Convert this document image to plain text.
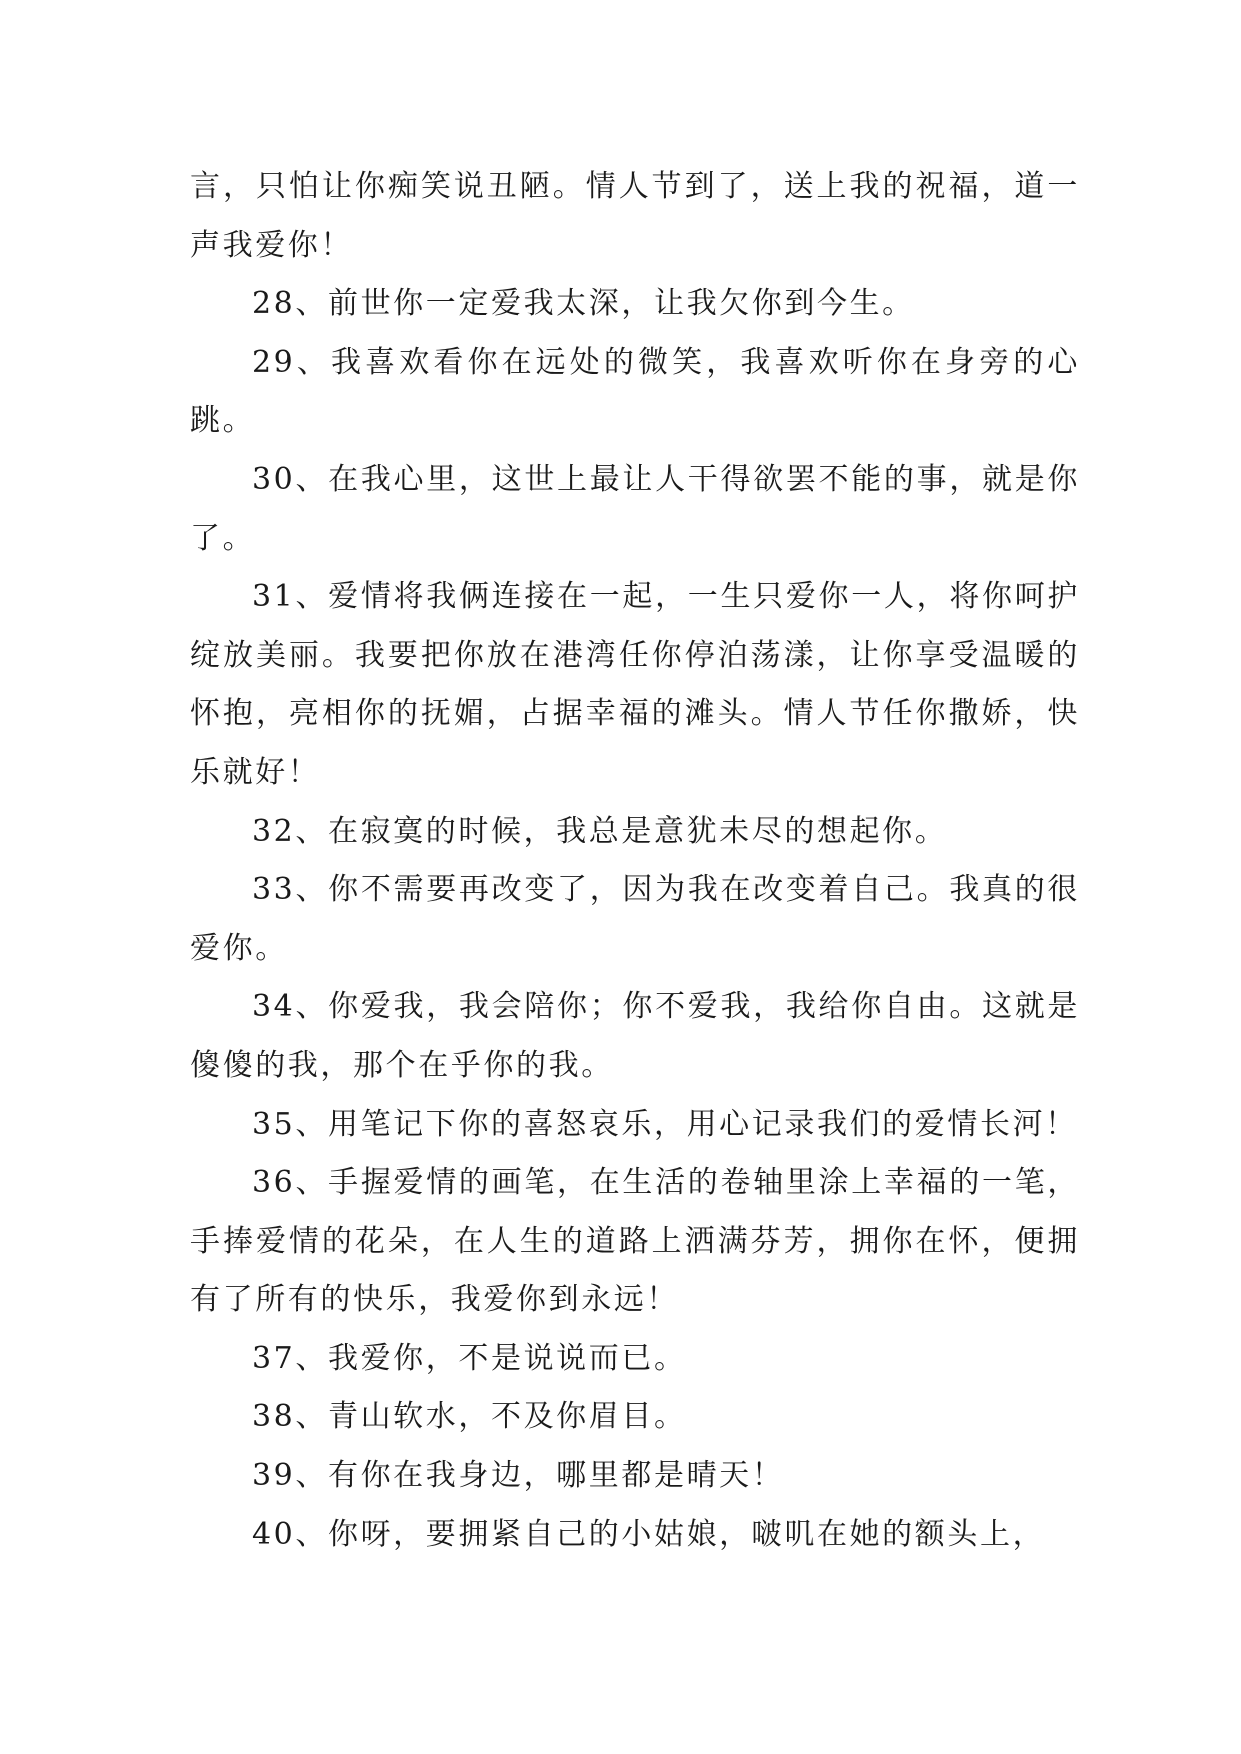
言，只怕让你痴笑说丑陋。情人节到了，送上我的祝福，道一声我爱你！

28、前世你一定爱我太深，让我欠你到今生。

29、我喜欢看你在远处的微笑，我喜欢听你在身旁的心跳。

30、在我心里，这世上最让人干得欲罢不能的事，就是你了。

31、爱情将我俩连接在一起，一生只爱你一人，将你呵护绽放美丽。我要把你放在港湾任你停泊荡漾，让你享受温暖的怀抱，亮相你的抚媚，占据幸福的滩头。情人节任你撒娇，快乐就好！

32、在寂寞的时候，我总是意犹未尽的想起你。

33、你不需要再改变了，因为我在改变着自己。我真的很爱你。

34、你爱我，我会陪你；你不爱我，我给你自由。这就是傻傻的我，那个在乎你的我。

35、用笔记下你的喜怒哀乐，用心记录我们的爱情长河！

36、手握爱情的画笔，在生活的卷轴里涂上幸福的一笔，手捧爱情的花朵，在人生的道路上洒满芬芳，拥你在怀，便拥有了所有的快乐，我爱你到永远！

37、我爱你，不是说说而已。

38、青山软水，不及你眉目。

39、有你在我身边，哪里都是晴天！

40、你呀，要拥紧自己的小姑娘，啵叽在她的额头上，
